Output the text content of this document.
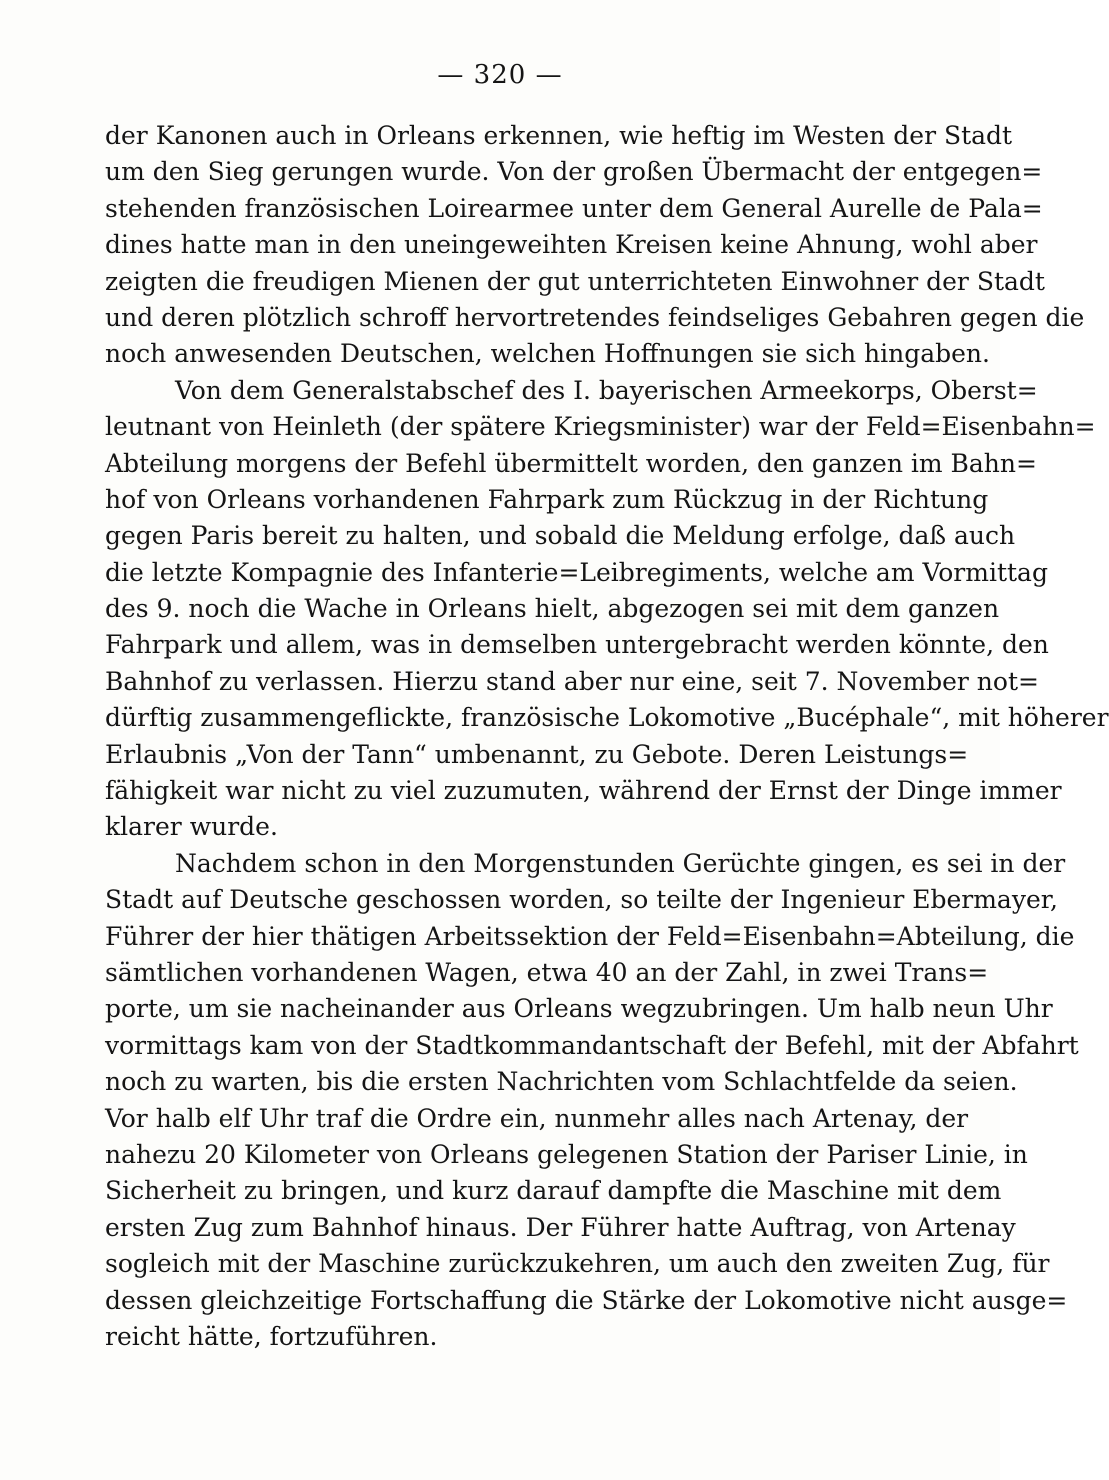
— 320 —
der Kanonen auch in Orleans erkennen, wie heftig im Westen der Stadt
um den Sieg gerungen wurde. Von der großen Übermacht der entgegen=
stehenden französischen Loirearmee unter dem General Aurelle de Pala=
dines hatte man in den uneingeweihten Kreisen keine Ahnung, wohl aber
zeigten die freudigen Mienen der gut unterrichteten Einwohner der Stadt
und deren plötzlich schroff hervortretendes feindseliges Gebahren gegen die
noch anwesenden Deutschen, welchen Hoffnungen sie sich hingaben.
Von dem Generalstabschef des I. bayerischen Armeekorps, Oberst=
leutnant von Heinleth (der spätere Kriegsminister) war der Feld=Eisenbahn=
Abteilung morgens der Befehl übermittelt worden, den ganzen im Bahn=
hof von Orleans vorhandenen Fahrpark zum Rückzug in der Richtung
gegen Paris bereit zu halten, und sobald die Meldung erfolge, daß auch
die letzte Kompagnie des Infanterie=Leibregiments, welche am Vormittag
des 9. noch die Wache in Orleans hielt, abgezogen sei mit dem ganzen
Fahrpark und allem, was in demselben untergebracht werden könnte, den
Bahnhof zu verlassen. Hierzu stand aber nur eine, seit 7. November not=
dürftig zusammengeflickte, französische Lokomotive „Bucéphale“, mit höherer
Erlaubnis „Von der Tann“ umbenannt, zu Gebote. Deren Leistungs=
fähigkeit war nicht zu viel zuzumuten, während der Ernst der Dinge immer
klarer wurde.
Nachdem schon in den Morgenstunden Gerüchte gingen, es sei in der
Stadt auf Deutsche geschossen worden, so teilte der Ingenieur Ebermayer,
Führer der hier thätigen Arbeitssektion der Feld=Eisenbahn=Abteilung, die
sämtlichen vorhandenen Wagen, etwa 40 an der Zahl, in zwei Trans=
porte, um sie nacheinander aus Orleans wegzubringen. Um halb neun Uhr
vormittags kam von der Stadtkommandantschaft der Befehl, mit der Abfahrt
noch zu warten, bis die ersten Nachrichten vom Schlachtfelde da seien.
Vor halb elf Uhr traf die Ordre ein, nunmehr alles nach Artenay, der
nahezu 20 Kilometer von Orleans gelegenen Station der Pariser Linie, in
Sicherheit zu bringen, und kurz darauf dampfte die Maschine mit dem
ersten Zug zum Bahnhof hinaus. Der Führer hatte Auftrag, von Artenay
sogleich mit der Maschine zurückzukehren, um auch den zweiten Zug, für
dessen gleichzeitige Fortschaffung die Stärke der Lokomotive nicht ausge=
reicht hätte, fortzuführen.
